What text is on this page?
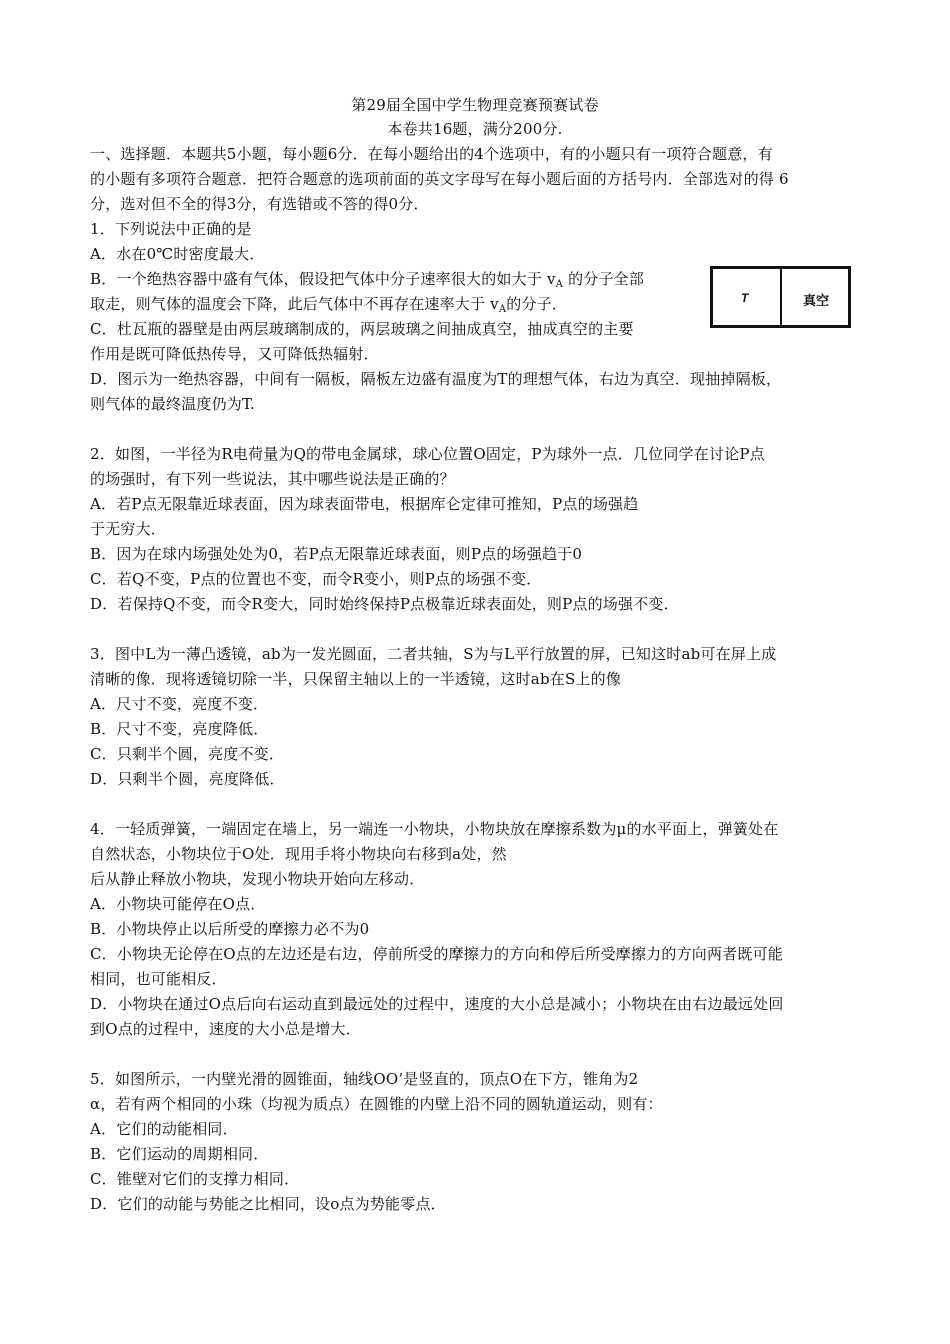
第29届全国中学生物理竞赛预赛试卷
本卷共16题，满分200分.
一、选择题．本题共5小题，每小题6分．在每小题给出的4个选项中，有的小题只有一项符合题意，有
的小题有多项符合题意．把符合题意的选项前面的英文字母写在每小题后面的方括号内．全部选对的得 6
分，选对但不全的得3分，有选错或不答的得0分．
1．下列说法中正确的是
A．水在0℃时密度最大．
B．一个绝热容器中盛有气体，假设把气体中分子速率很大的如大于 $v_A$ 的分子全部
取走，则气体的温度会下降，此后气体中不再存在速率大于 $v_A$的分子．
C．杜瓦瓶的器壁是由两层玻璃制成的，两层玻璃之间抽成真空，抽成真空的主要
作用是既可降低热传导，又可降低热辐射．
D．图示为一绝热容器，中间有一隔板，隔板左边盛有温度为T的理想气体，右边为真空．现抽掉隔板，
则气体的最终温度仍为T.
T	真空
2．如图，一半径为R电荷量为Q的带电金属球，球心位置O固定，P为球外一点．几位同学在讨论P点
的场强时，有下列一些说法，其中哪些说法是正确的？
A．若P点无限靠近球表面，因为球表面带电，根据库仑定律可推知，P点的场强趋
于无穷大．
B．因为在球内场强处处为0，若P点无限靠近球表面，则P点的场强趋于0
C．若Q不变，P点的位置也不变，而令R变小，则P点的场强不变．
D．若保持Q不变，而令R变大，同时始终保持P点极靠近球表面处，则P点的场强不变．
3．图中L为一薄凸透镜，ab为一发光圆面，二者共轴，S为与L平行放置的屏，已知这时ab可在屏上成
清晰的像．现将透镜切除一半，只保留主轴以上的一半透镜，这时ab在S上的像
A．尺寸不变，亮度不变．
B．尺寸不变，亮度降低．
C．只剩半个圆，亮度不变．
D．只剩半个圆，亮度降低．
4．一轻质弹簧，一端固定在墙上，另一端连一小物块，小物块放在摩擦系数为μ的水平面上，弹簧处在
自然状态，小物块位于O处．现用手将小物块向右移到a处，然
后从静止释放小物块，发现小物块开始向左移动．
A．小物块可能停在O点．
B．小物块停止以后所受的摩擦力必不为0
C．小物块无论停在O点的左边还是右边，停前所受的摩擦力的方向和停后所受摩擦力的方向两者既可能
相同，也可能相反．
D．小物块在通过O点后向右运动直到最远处的过程中，速度的大小总是减小；小物块在由右边最远处回
到O点的过程中，速度的大小总是增大．
5．如图所示，一内壁光滑的圆锥面，轴线OO’是竖直的，顶点O在下方，锥角为2
α，若有两个相同的小珠（均视为质点）在圆锥的内壁上沿不同的圆轨道运动，则有：
A．它们的动能相同．
B．它们运动的周期相同．
C．锥壁对它们的支撑力相同．
D．它们的动能与势能之比相同，设o点为势能零点．
